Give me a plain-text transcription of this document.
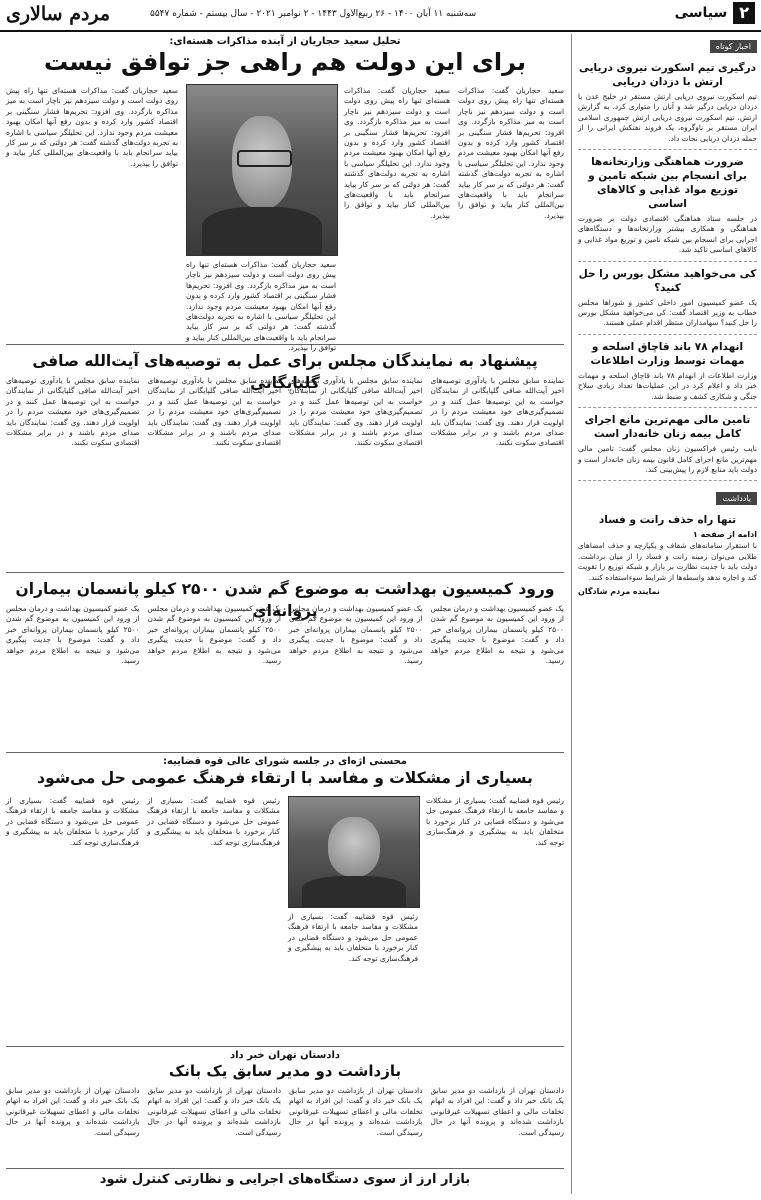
مردم سالاری	سه‌شنبه ۱۱ آبان ۱۴۰۰ - ۲۶ ربیع‌الاول ۱۴۴۳ - ۲ نوامبر ۲۰۲۱ - سال بیستم - شماره ۵۵۴۷	۲
سیاسی
اخبار کوتاه
درگیری تیم اسکورت نیروی دریایی ارتش با دزدان دریایی
تیم اسکورت نیروی دریایی ارتش مستقر در خلیج عدن با دزدان دریایی درگیر شد و آنان را متواری کرد. به گزارش ارتش، تیم اسکورت نیروی دریایی ارتش جمهوری اسلامی ایران مستقر بر ناوگروه، یک فروند نفتکش ایرانی را از حمله دزدان دریایی نجات داد.
ضرورت هماهنگی وزارتخانه‌ها برای انسجام بین شبکه تامین و توزیع مواد غذایی و کالاهای اساسی
در جلسه ستاد هماهنگی اقتصادی دولت بر ضرورت هماهنگی و همکاری بیشتر وزارتخانه‌ها و دستگاه‌های اجرایی برای انسجام بین شبکه تامین و توزیع مواد غذایی و کالاهای اساسی تاکید شد.
کی می‌خواهید مشکل بورس را حل کنید؟
یک عضو کمیسیون امور داخلی کشور و شوراها مجلس خطاب به وزیر اقتصاد گفت: کی می‌خواهید مشکل بورس را حل کنید؟ سهامداران منتظر اقدام عملی هستند.
انهدام ۷۸ باند قاچاق اسلحه و مهمات توسط وزارت اطلاعات
وزارت اطلاعات از انهدام ۷۸ باند قاچاق اسلحه و مهمات خبر داد و اعلام کرد در این عملیات‌ها تعداد زیادی سلاح جنگی و شکاری کشف و ضبط شد.
تامین مالی مهم‌ترین مانع اجرای کامل بیمه زنان خانه‌دار است
نایب رئیس فراکسیون زنان مجلس گفت: تامین مالی مهم‌ترین مانع اجرای کامل قانون بیمه زنان خانه‌دار است و دولت باید منابع لازم را پیش‌بینی کند.
یادداشت
تنها راه حذف رانت و فساد
ادامه از صفحه ۱
با استقرار سامانه‌های شفاف و یکپارچه و حذف امضاهای طلایی می‌توان زمینه رانت و فساد را از میان برداشت. دولت باید با جدیت نظارت بر بازار و شبکه توزیع را تقویت کند و اجازه ندهد واسطه‌ها از شرایط سوءاستفاده کنند.
نماینده مردم شادگان
تحلیل سعید حجاریان از آینده مذاکرات هسته‌ای:
برای این دولت هم راهی جز توافق نیست
سعید حجاریان گفت: مذاکرات هسته‌ای تنها راه پیش روی دولت است و دولت سیزدهم نیز ناچار است به میز مذاکره بازگردد. وی افزود: تحریم‌ها فشار سنگینی بر اقتصاد کشور وارد کرده و بدون رفع آنها امکان بهبود معیشت مردم وجود ندارد. این تحلیلگر سیاسی با اشاره به تجربه دولت‌های گذشته گفت: هر دولتی که بر سر کار بیاید سرانجام باید با واقعیت‌های بین‌المللی کنار بیاید و توافق را بپذیرد.
سعید حجاریان گفت: مذاکرات هسته‌ای تنها راه پیش روی دولت است و دولت سیزدهم نیز ناچار است به میز مذاکره بازگردد. وی افزود: تحریم‌ها فشار سنگینی بر اقتصاد کشور وارد کرده و بدون رفع آنها امکان بهبود معیشت مردم وجود ندارد. این تحلیلگر سیاسی با اشاره به تجربه دولت‌های گذشته گفت: هر دولتی که بر سر کار بیاید سرانجام باید با واقعیت‌های بین‌المللی کنار بیاید و توافق را بپذیرد.
سعید حجاریان گفت: مذاکرات هسته‌ای تنها راه پیش روی دولت است و دولت سیزدهم نیز ناچار است به میز مذاکره بازگردد. وی افزود: تحریم‌ها فشار سنگینی بر اقتصاد کشور وارد کرده و بدون رفع آنها امکان بهبود معیشت مردم وجود ندارد. این تحلیلگر سیاسی با اشاره به تجربه دولت‌های گذشته گفت: هر دولتی که بر سر کار بیاید سرانجام باید با واقعیت‌های بین‌المللی کنار بیاید و توافق را بپذیرد.
سعید حجاریان گفت: مذاکرات هسته‌ای تنها راه پیش روی دولت است و دولت سیزدهم نیز ناچار است به میز مذاکره بازگردد. وی افزود: تحریم‌ها فشار سنگینی بر اقتصاد کشور وارد کرده و بدون رفع آنها امکان بهبود معیشت مردم وجود ندارد. این تحلیلگر سیاسی با اشاره به تجربه دولت‌های گذشته گفت: هر دولتی که بر سر کار بیاید سرانجام باید با واقعیت‌های بین‌المللی کنار بیاید و توافق را بپذیرد.
پیشنهاد به نمایندگان مجلس برای عمل به توصیه‌های آیت‌الله صافی گلپایگانی	نماینده سابق مجلس با یادآوری توصیه‌های اخیر آیت‌الله صافی گلپایگانی از نمایندگان خواست به این توصیه‌ها عمل کنند و در تصمیم‌گیری‌های خود معیشت مردم را در اولویت قرار دهند. وی گفت: نمایندگان باید صدای مردم باشند و در برابر مشکلات اقتصادی سکوت نکنند.
نماینده سابق مجلس با یادآوری توصیه‌های اخیر آیت‌الله صافی گلپایگانی از نمایندگان خواست به این توصیه‌ها عمل کنند و در تصمیم‌گیری‌های خود معیشت مردم را در اولویت قرار دهند. وی گفت: نمایندگان باید صدای مردم باشند و در برابر مشکلات اقتصادی سکوت نکنند.
نماینده سابق مجلس با یادآوری توصیه‌های اخیر آیت‌الله صافی گلپایگانی از نمایندگان خواست به این توصیه‌ها عمل کنند و در تصمیم‌گیری‌های خود معیشت مردم را در اولویت قرار دهند. وی گفت: نمایندگان باید صدای مردم باشند و در برابر مشکلات اقتصادی سکوت نکنند.
نماینده سابق مجلس با یادآوری توصیه‌های اخیر آیت‌الله صافی گلپایگانی از نمایندگان خواست به این توصیه‌ها عمل کنند و در تصمیم‌گیری‌های خود معیشت مردم را در اولویت قرار دهند. وی گفت: نمایندگان باید صدای مردم باشند و در برابر مشکلات اقتصادی سکوت نکنند.
ورود کمیسیون بهداشت به موضوع گم شدن ۲۵۰۰ کیلو پانسمان بیماران پروانه‌ای	یک عضو کمیسیون بهداشت و درمان مجلس از ورود این کمیسیون به موضوع گم شدن ۲۵۰۰ کیلو پانسمان بیماران پروانه‌ای خبر داد و گفت: موضوع با جدیت پیگیری می‌شود و نتیجه به اطلاع مردم خواهد رسید.
یک عضو کمیسیون بهداشت و درمان مجلس از ورود این کمیسیون به موضوع گم شدن ۲۵۰۰ کیلو پانسمان بیماران پروانه‌ای خبر داد و گفت: موضوع با جدیت پیگیری می‌شود و نتیجه به اطلاع مردم خواهد رسید.
یک عضو کمیسیون بهداشت و درمان مجلس از ورود این کمیسیون به موضوع گم شدن ۲۵۰۰ کیلو پانسمان بیماران پروانه‌ای خبر داد و گفت: موضوع با جدیت پیگیری می‌شود و نتیجه به اطلاع مردم خواهد رسید.
یک عضو کمیسیون بهداشت و درمان مجلس از ورود این کمیسیون به موضوع گم شدن ۲۵۰۰ کیلو پانسمان بیماران پروانه‌ای خبر داد و گفت: موضوع با جدیت پیگیری می‌شود و نتیجه به اطلاع مردم خواهد رسید.
محسنی اژه‌ای در جلسه شورای عالی قوه قضاییه:
بسیاری از مشکلات و مفاسد با ارتقاء فرهنگ عمومی حل می‌شود
رئیس قوه قضاییه گفت: بسیاری از مشکلات و مفاسد جامعه با ارتقاء فرهنگ عمومی حل می‌شود و دستگاه قضایی در کنار برخورد با متخلفان باید به پیشگیری و فرهنگ‌سازی توجه کند.
رئیس قوه قضاییه گفت: بسیاری از مشکلات و مفاسد جامعه با ارتقاء فرهنگ عمومی حل می‌شود و دستگاه قضایی در کنار برخورد با متخلفان باید به پیشگیری و فرهنگ‌سازی توجه کند.
رئیس قوه قضاییه گفت: بسیاری از مشکلات و مفاسد جامعه با ارتقاء فرهنگ عمومی حل می‌شود و دستگاه قضایی در کنار برخورد با متخلفان باید به پیشگیری و فرهنگ‌سازی توجه کند.
رئیس قوه قضاییه گفت: بسیاری از مشکلات و مفاسد جامعه با ارتقاء فرهنگ عمومی حل می‌شود و دستگاه قضایی در کنار برخورد با متخلفان باید به پیشگیری و فرهنگ‌سازی توجه کند.
دادستان تهران خبر داد
بازداشت دو مدیر سابق یک بانک
دادستان تهران از بازداشت دو مدیر سابق یک بانک خبر داد و گفت: این افراد به اتهام تخلفات مالی و اعطای تسهیلات غیرقانونی بازداشت شده‌اند و پرونده آنها در حال رسیدگی است.
دادستان تهران از بازداشت دو مدیر سابق یک بانک خبر داد و گفت: این افراد به اتهام تخلفات مالی و اعطای تسهیلات غیرقانونی بازداشت شده‌اند و پرونده آنها در حال رسیدگی است.
دادستان تهران از بازداشت دو مدیر سابق یک بانک خبر داد و گفت: این افراد به اتهام تخلفات مالی و اعطای تسهیلات غیرقانونی بازداشت شده‌اند و پرونده آنها در حال رسیدگی است.
دادستان تهران از بازداشت دو مدیر سابق یک بانک خبر داد و گفت: این افراد به اتهام تخلفات مالی و اعطای تسهیلات غیرقانونی بازداشت شده‌اند و پرونده آنها در حال رسیدگی است.
بازار ارز از سوی دستگاه‌های اجرایی و نظارتی کنترل شود
